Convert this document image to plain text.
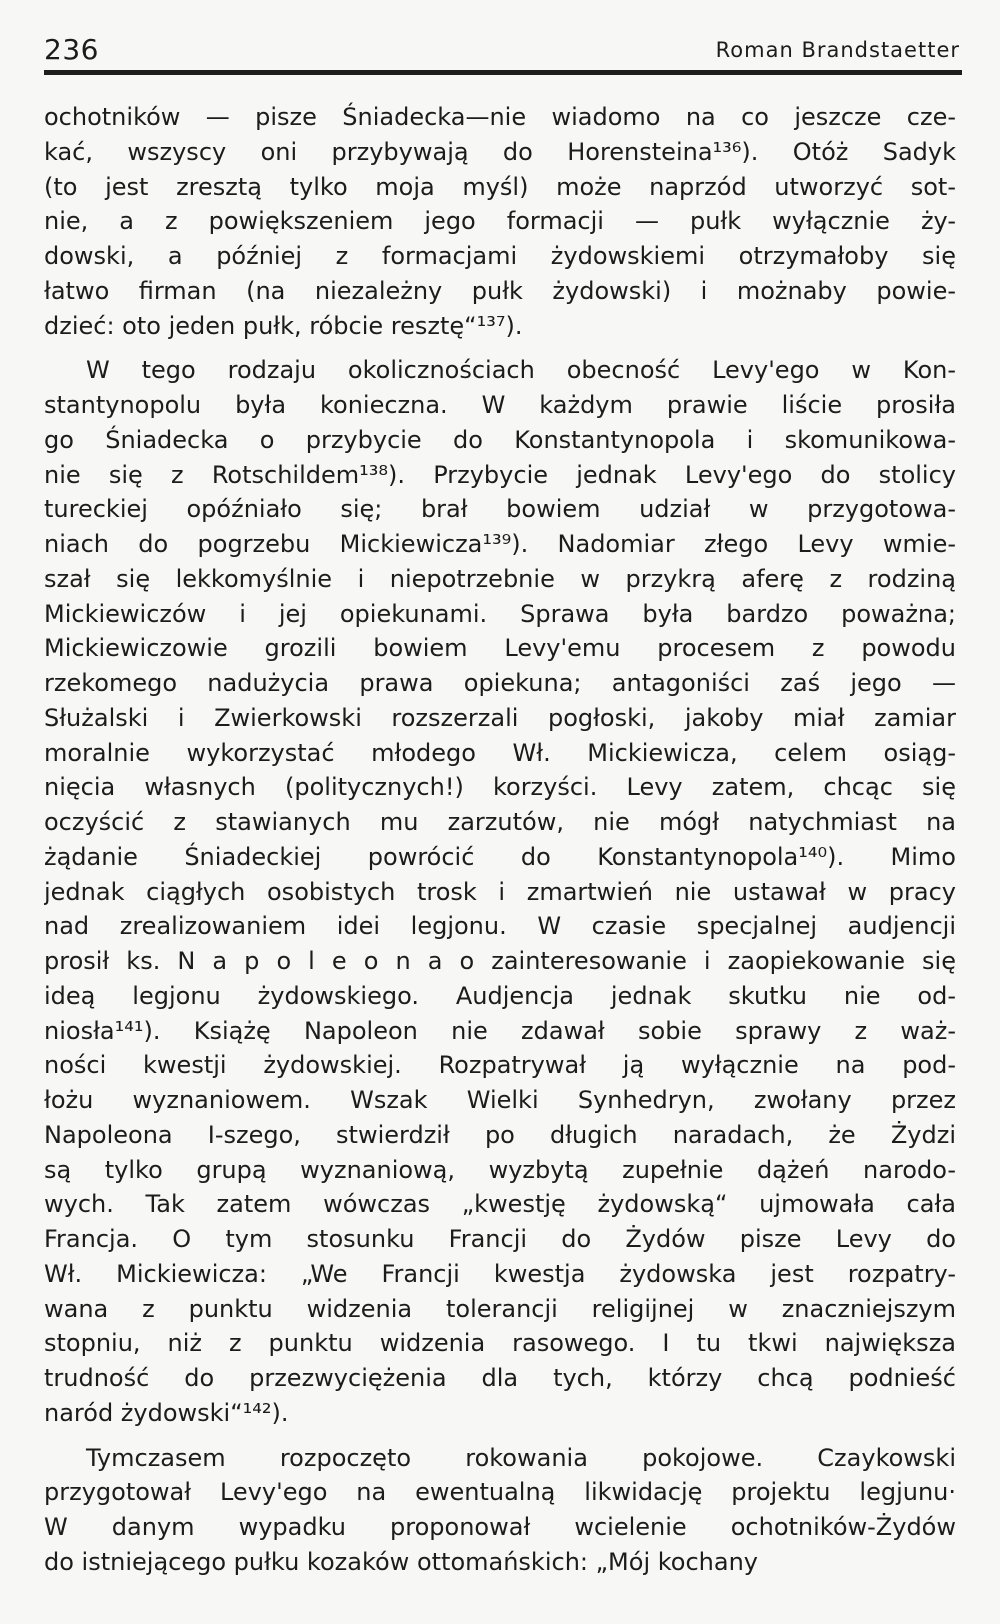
236	Roman Brandstaetter
ochotników — pisze Śniadecka—nie wiadomo na co jeszcze cze-
kać, wszyscy oni przybywają do Horensteina¹³⁶). Otóż Sadyk
(to jest zresztą tylko moja myśl) może naprzód utworzyć sot-
nie, a z powiększeniem jego formacji — pułk wyłącznie ży-
dowski, a później z formacjami żydowskiemi otrzymałoby się
łatwo firman (na niezależny pułk żydowski) i możnaby powie-
dzieć: oto jeden pułk, róbcie resztę“¹³⁷).
W tego rodzaju okolicznościach obecność Levy'ego w Kon-
stantynopolu była konieczna. W każdym prawie liście prosiła
go Śniadecka o przybycie do Konstantynopola i skomunikowa-
nie się z Rotschildem¹³⁸). Przybycie jednak Levy'ego do stolicy
tureckiej opóźniało się; brał bowiem udział w przygotowa-
niach do pogrzebu Mickiewicza¹³⁹). Nadomiar złego Levy wmie-
szał się lekkomyślnie i niepotrzebnie w przykrą aferę z rodziną
Mickiewiczów i jej opiekunami. Sprawa była bardzo poważna;
Mickiewiczowie grozili bowiem Levy'emu procesem z powodu
rzekomego nadużycia prawa opiekuna; antagoniści zaś jego —
Służalski i Zwierkowski rozszerzali pogłoski, jakoby miał zamiar
moralnie wykorzystać młodego Wł. Mickiewicza, celem osiąg-
nięcia własnych (politycznych!) korzyści. Levy zatem, chcąc się
oczyścić z stawianych mu zarzutów, nie mógł natychmiast na
żądanie Śniadeckiej powrócić do Konstantynopola¹⁴⁰). Mimo
jednak ciągłych osobistych trosk i zmartwień nie ustawał w pracy
nad zrealizowaniem idei legjonu. W czasie specjalnej audjencji
prosił ks. N a p o l e o n a o zainteresowanie i zaopiekowanie się
ideą legjonu żydowskiego. Audjencja jednak skutku nie od-
niosła¹⁴¹). Książę Napoleon nie zdawał sobie sprawy z waż-
ności kwestji żydowskiej. Rozpatrywał ją wyłącznie na pod-
łożu wyznaniowem. Wszak Wielki Synhedryn, zwołany przez
Napoleona I-szego, stwierdził po długich naradach, że Żydzi
są tylko grupą wyznaniową, wyzbytą zupełnie dążeń narodo-
wych. Tak zatem wówczas „kwestję żydowską“ ujmowała cała
Francja. O tym stosunku Francji do Żydów pisze Levy do
Wł. Mickiewicza: „We Francji kwestja żydowska jest rozpatry-
wana z punktu widzenia tolerancji religijnej w znaczniejszym
stopniu, niż z punktu widzenia rasowego. I tu tkwi największa
trudność do przezwyciężenia dla tych, którzy chcą podnieść
naród żydowski“¹⁴²).
Tymczasem rozpoczęto rokowania pokojowe. Czaykowski
przygotował Levy'ego na ewentualną likwidację projektu legjunu·
W danym wypadku proponował wcielenie ochotników-Żydów
do istniejącego pułku kozaków ottomańskich: „Mój kochany
